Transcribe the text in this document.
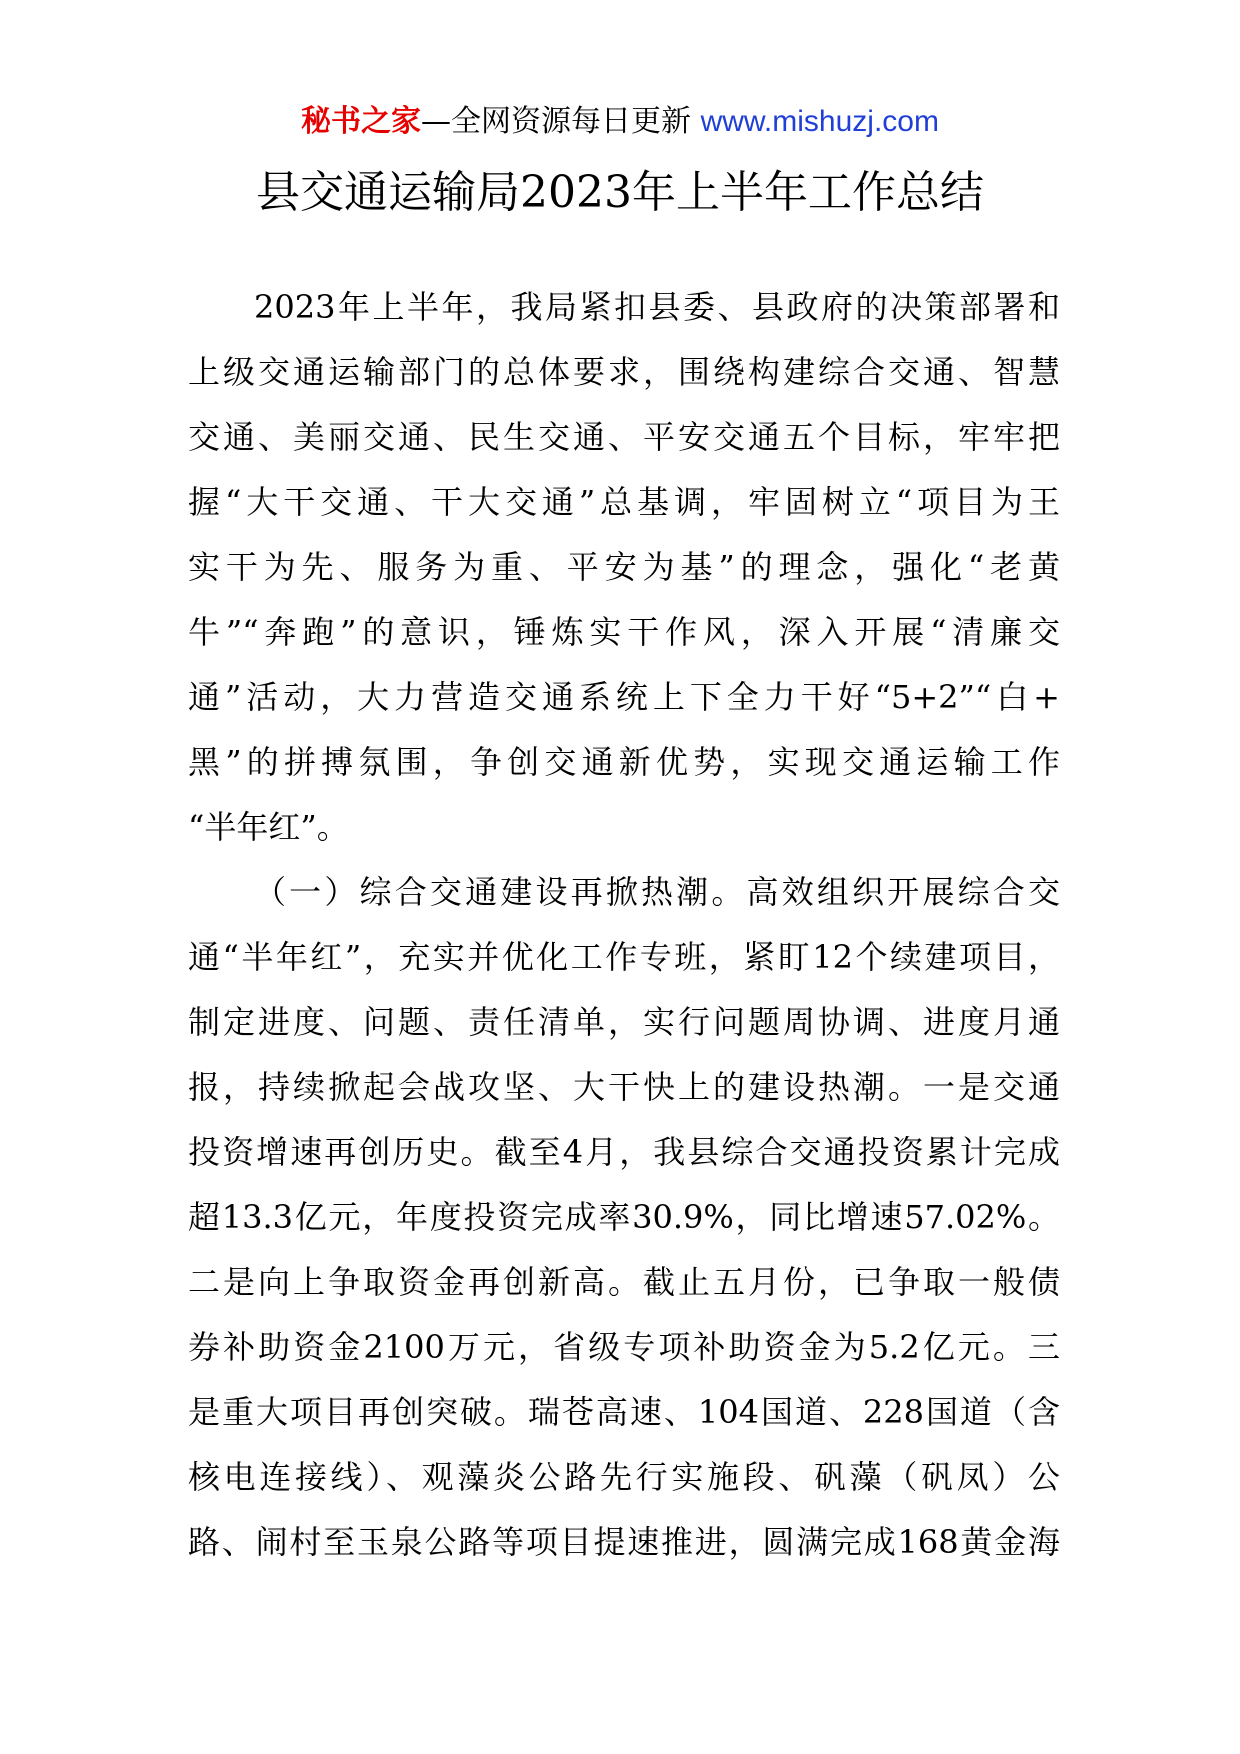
秘书之家—全网资源每日更新 www.mishuzj.com
县交通运输局2023年上半年工作总结
2023年上半年，我局紧扣县委、县政府的决策部署和
上级交通运输部门的总体要求，围绕构建综合交通、智慧
交通、美丽交通、民生交通、平安交通五个目标，牢牢把
握“大干交通、干大交通”总基调，牢固树立“项目为王
实干为先、服务为重、平安为基”的理念，强化“老黄
牛”“奔跑”的意识，锤炼实干作风，深入开展“清廉交
通”活动，大力营造交通系统上下全力干好“5+2”“白+
黑”的拼搏氛围，争创交通新优势，实现交通运输工作
“半年红”。
（一）综合交通建设再掀热潮。高效组织开展综合交
通“半年红”，充实并优化工作专班，紧盯12个续建项目，
制定进度、问题、责任清单，实行问题周协调、进度月通
报，持续掀起会战攻坚、大干快上的建设热潮。一是交通
投资增速再创历史。截至4月，我县综合交通投资累计完成
超13.3亿元，年度投资完成率30.9%，同比增速57.02%。
二是向上争取资金再创新高。截止五月份，已争取一般债
券补助资金2100万元，省级专项补助资金为5.2亿元。三
是重大项目再创突破。瑞苍高速、104国道、228国道（含
核电连接线）、观藻炎公路先行实施段、矾藻（矾凤）公
路、闹村至玉泉公路等项目提速推进，圆满完成168黄金海
